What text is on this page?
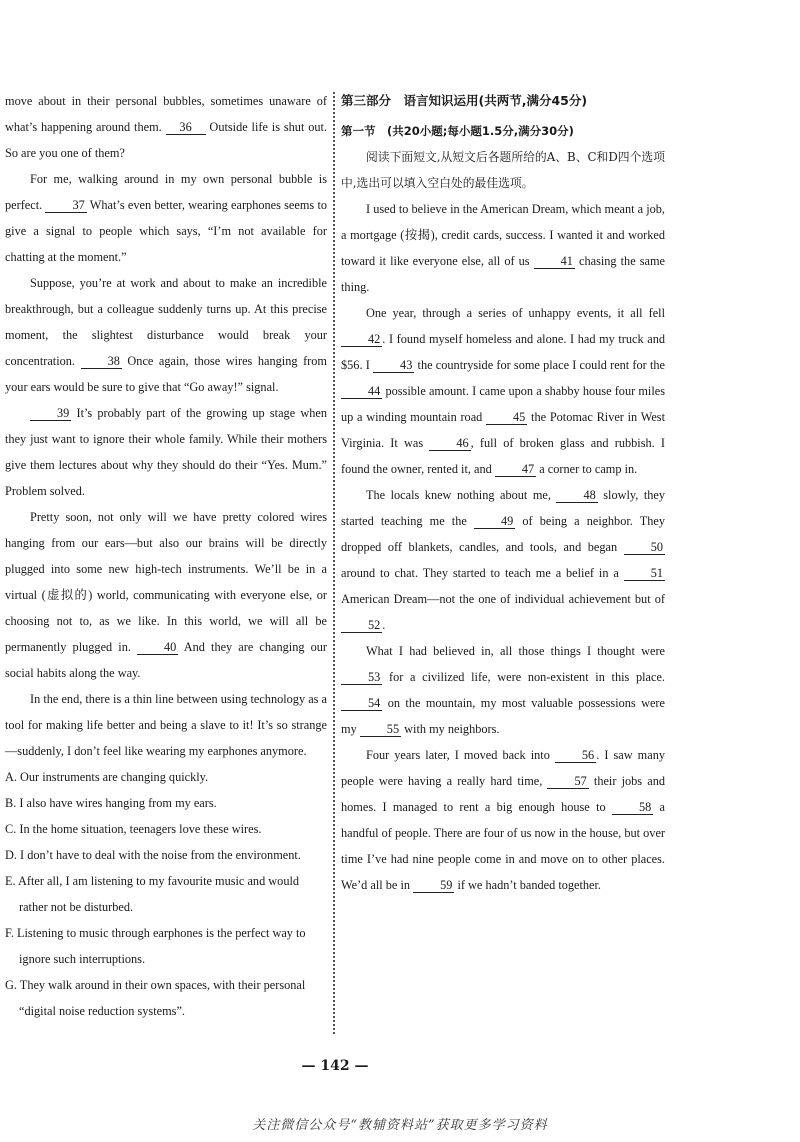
move about in their personal bubbles, sometimes unaware of what’s happening around them. 36 Outside life is shut out. So are you one of them?

For me, walking around in my own personal bubble is perfect. 37 What’s even better, wearing earphones seems to give a signal to people which says, “I’m not available for chatting at the moment.”

Suppose, you’re at work and about to make an incredible breakthrough, but a colleague suddenly turns up. At this precise moment, the slightest disturbance would break your concentration. 38 Once again, those wires hanging from your ears would be sure to give that “Go away!” signal.

39 It’s probably part of the growing up stage when they just want to ignore their whole family. While their mothers give them lectures about why they should do their “Yes. Mum.” Problem solved.

Pretty soon, not only will we have pretty colored wires hanging from our ears—but also our brains will be directly plugged into some new high-tech instruments. We’ll be in a virtual (虚拟的) world, communicating with everyone else, or choosing not to, as we like. In this world, we will all be permanently plugged in. 40 And they are changing our social habits along the way.

In the end, there is a thin line between using technology as a tool for making life better and being a slave to it! It’s so strange—suddenly, I don’t feel like wearing my earphones anymore.

A. Our instruments are changing quickly.

B. I also have wires hanging from my ears.

C. In the home situation, teenagers love these wires.

D. I don’t have to deal with the noise from the environment.

E. After all, I am listening to my favourite music and would rather not be disturbed.

F. Listening to music through earphones is the perfect way to ignore such interruptions.

G. They walk around in their own spaces, with their personal “digital noise reduction systems”.

第三部分　语言知识运用(共两节,满分45分)
第一节　(共20小题;每小题1.5分,满分30分)

阅读下面短文,从短文后各题所给的A、B、C和D四个选项中,选出可以填入空白处的最佳选项。

I used to believe in the American Dream, which meant a job, a mortgage (按揭), credit cards, success. I wanted it and worked toward it like everyone else, all of us 41 chasing the same thing.

One year, through a series of unhappy events, it all fell 42 . I found myself homeless and alone. I had my truck and $56. I 43 the countryside for some place I could rent for the 44 possible amount. I came upon a shabby house four miles up a winding mountain road 45 the Potomac River in West Virginia. It was 46 , full of broken glass and rubbish. I found the owner, rented it, and 47 a corner to camp in.

The locals knew nothing about me, 48 slowly, they started teaching me the 49 of being a neighbor. They dropped off blankets, candles, and tools, and began 50 around to chat. They started to teach me a belief in a 51 American Dream—not the one of individual achievement but of 52 .

What I had believed in, all those things I thought were 53 for a civilized life, were non-existent in this place. 54 on the mountain, my most valuable possessions were my 55 with my neighbors.

Four years later, I moved back into 56 . I saw many people were having a really hard time, 57 their jobs and homes. I managed to rent a big enough house to 58 a handful of people. There are four of us now in the house, but over time I’ve had nine people come in and move on to other places. We’d all be in 59 if we hadn’t banded together.

— 142 —
关注微信公众号“教辅资料站”获取更多学习资料
